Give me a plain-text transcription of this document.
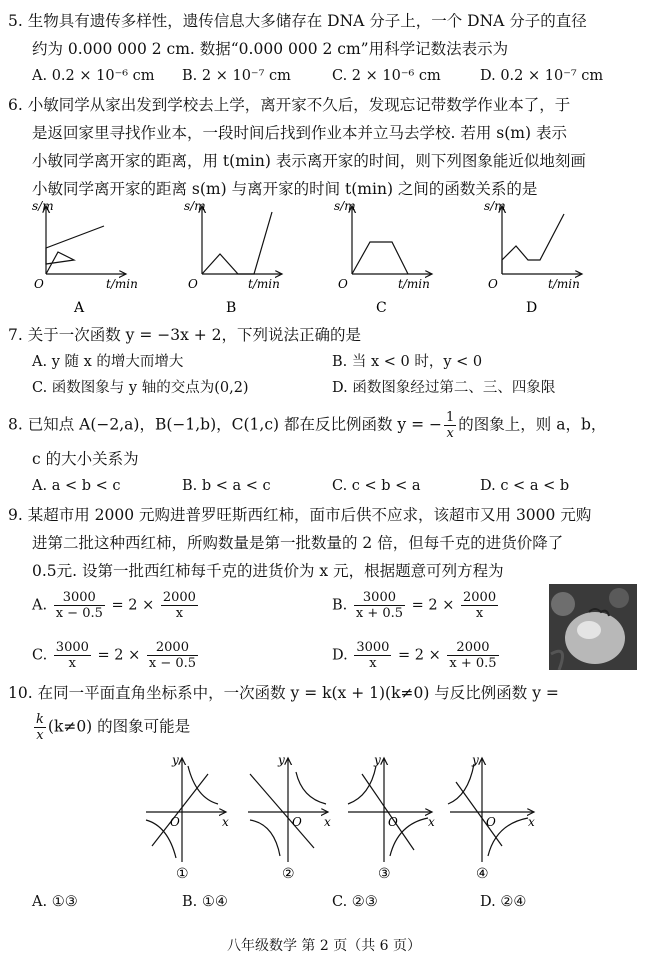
5. 生物具有遗传多样性，遗传信息大多储存在 DNA 分子上，一个 DNA 分子的直径
约为 0.000 000 2 cm. 数据“0.000 000 2 cm”用科学记数法表示为
A. 0.2 × 10⁻⁶ cm B. 2 × 10⁻⁷ cm	C. 2 × 10⁻⁶ cm	D. 0.2 × 10⁻⁷ cm
6. 小敏同学从家出发到学校去上学，离开家不久后，发现忘记带数学作业本了，于
是返回家里寻找作业本，一段时间后找到作业本并立马去学校. 若用 s(m) 表示
小敏同学离开家的距离，用 t(min) 表示离开家的时间，则下列图象能近似地刻画
小敏同学离开家的距离 s(m) 与离开家的时间 t(min) 之间的函数关系的是
s/m
O	t/min
A
s/m
O	t/min
B
s/m
O	t/min
C
s/m
O	t/min
D
7. 关于一次函数 y = −3x + 2，下列说法正确的是
A. y 随 x 的增大而增大	B. 当 x < 0 时，y < 0
C. 函数图象与 y 轴的交点为(0,2)	D. 函数图象经过第二、三、四象限
8. 已知点 A(−2,a)，B(−1,b)，C(1,c) 都在反比例函数 y = − $\frac{1}{x}$ 的图象上，则 a，b，
c 的大小关系为
A. a < b < c	B. b < a < c	C. c < b < a	D. c < a < b
9. 某超市用 2000 元购进普罗旺斯西红柿，面市后供不应求，该超市又用 3000 元购
进第二批这种西红柿，所购数量是第一批数量的 2 倍，但每千克的进货价降了
0.5元. 设第一批西红柿每千克的进货价为 x 元，根据题意可列方程为
A. $\frac{3000}{x - 0.5} = 2 \times \frac{2000}{x}$	B. $\frac{3000}{x + 0.5} = 2 \times \frac{2000}{x}$
C. $\frac{3000}{x} = 2 \times \frac{2000}{x - 0.5}$	D. $\frac{3000}{x} = 2 \times \frac{2000}{x + 0.5}$
10. 在同一平面直角坐标系中，一次函数 y = k(x + 1)(k≠0) 与反比例函数 y =
$\frac{k}{x} (k\ne 0)$ 的图象可能是
y
x
O
①
y
x
O
②
y
x
O
③
y
x
O
④
A. ①③	B. ①④	C. ②③	D. ②④
八年级数学 第 2 页（共 6 页）
